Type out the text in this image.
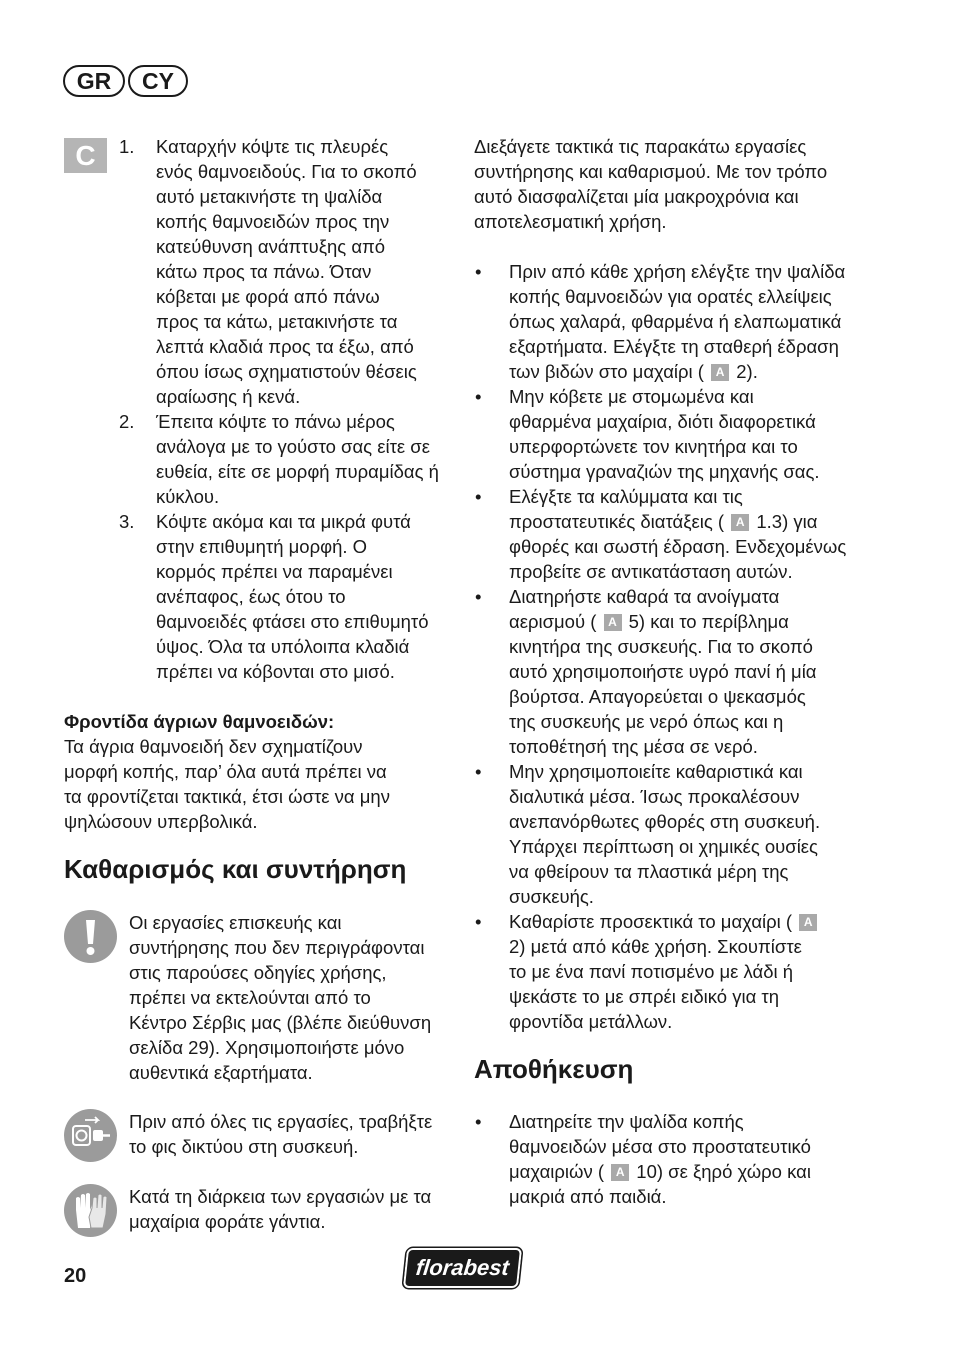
GR CY
C 1. Καταρχήν κόψτε τις πλευρές

ενός θαμνοειδούς. Για το σκοπό

αυτό μετακινήστε τη ψαλίδα

κοπής θαμνοειδών προς την

κατεύθυνση ανάπτυξης από

κάτω προς τα πάνω. Όταν

κόβεται με φορά από πάνω

προς τα κάτω, μετακινήστε τα

λεπτά κλαδιά προς τα έξω, από

όπου ίσως σχηματιστούν θέσεις

αραίωσης ή κενά.

2. Έπειτα κόψτε το πάνω μέρος

ανάλογα με το γούστο σας είτε σε

ευθεία, είτε σε μορφή πυραμίδας ή

κύκλου.

3. Κόψτε ακόμα και τα μικρά φυτά

στην επιθυμητή μορφή. Ο

κορμός πρέπει να παραμένει

ανέπαφος, έως ότου το

θαμνοειδές φτάσει στο επιθυμητό

ύψος. Όλα τα υπόλοιπα κλαδιά

πρέπει να κόβονται στο μισό.

Φροντίδα άγριων θαμνοειδών:

Τα άγρια θαμνοειδή δεν σχηματίζουν

μορφή κοπής, παρ’ όλα αυτά πρέπει να

τα φροντίζεται τακτικά, έτσι ώστε να μην

ψηλώσουν υπερβολικά.

Καθαρισμός και συντήρηση

Οι εργασίες επισκευής και

συντήρησης που δεν περιγράφονται

στις παρούσες οδηγίες χρήσης,

πρέπει να εκτελούνται από το

Κέντρο Σέρβις μας (βλέπε διεύθυνση

σελίδα 29). Χρησιμοποιήστε μόνο

αυθεντικά εξαρτήματα.

Πριν από όλες τις εργασίες, τραβήξτε

το φις δικτύου στη συσκευή.

Κατά τη διάρκεια των εργασιών με τα

μαχαίρια φοράτε γάντια.

Διεξάγετε τακτικά τις παρακάτω εργασίες

συντήρησης και καθαρισμού. Με τον τρόπο

αυτό διασφαλίζεται μία μακροχρόνια και

αποτελεσματική χρήση.

• Πριν από κάθε χρήση ελέγξτε την ψαλίδα

κοπής θαμνοειδών για ορατές ελλείψεις

όπως χαλαρά, φθαρμένα ή ελαπωματικά

εξαρτήματα. Ελέγξτε τη σταθερή έδραση

των βιδών στο μαχαίρι ( A 2).

• Μην κόβετε με στομωμένα και

φθαρμένα μαχαίρια, διότι διαφορετικά

υπερφορτώνετε τον κινητήρα και το

σύστημα γραναζιών της μηχανής σας.

• Ελέγξτε τα καλύμματα και τις

προστατευτικές διατάξεις ( A 1.3) για

φθορές και σωστή έδραση. Ενδεχομένως

προβείτε σε αντικατάσταση αυτών.

• Διατηρήστε καθαρά τα ανοίγματα

αερισμού ( A 5) και το περίβλημα

κινητήρα της συσκευής. Για το σκοπό

αυτό χρησιμοποιήστε υγρό πανί ή μία

βούρτσα. Απαγορεύεται ο ψεκασμός

της συσκευής με νερό όπως και η

τοποθέτησή της μέσα σε νερό.

• Μην χρησιμοποιείτε καθαριστικά και

διαλυτικά μέσα. Ίσως προκαλέσουν

ανεπανόρθωτες φθορές στη συσκευή.

Υπάρχει περίπτωση οι χημικές ουσίες

να φθείρουν τα πλαστικά μέρη της

συσκευής.

• Καθαρίστε προσεκτικά το μαχαίρι ( A

2) μετά από κάθε χρήση. Σκουπίστε

το με ένα πανί ποτισμένο με λάδι ή

ψεκάστε το με σπρέι ειδικό για τη

φροντίδα μετάλλων.

Αποθήκευση

• Διατηρείτε την ψαλίδα κοπής

θαμνοειδών μέσα στο προστατευτικό

μαχαιριών ( A 10) σε ξηρό χώρο και

μακριά από παιδιά.

20	florabest
